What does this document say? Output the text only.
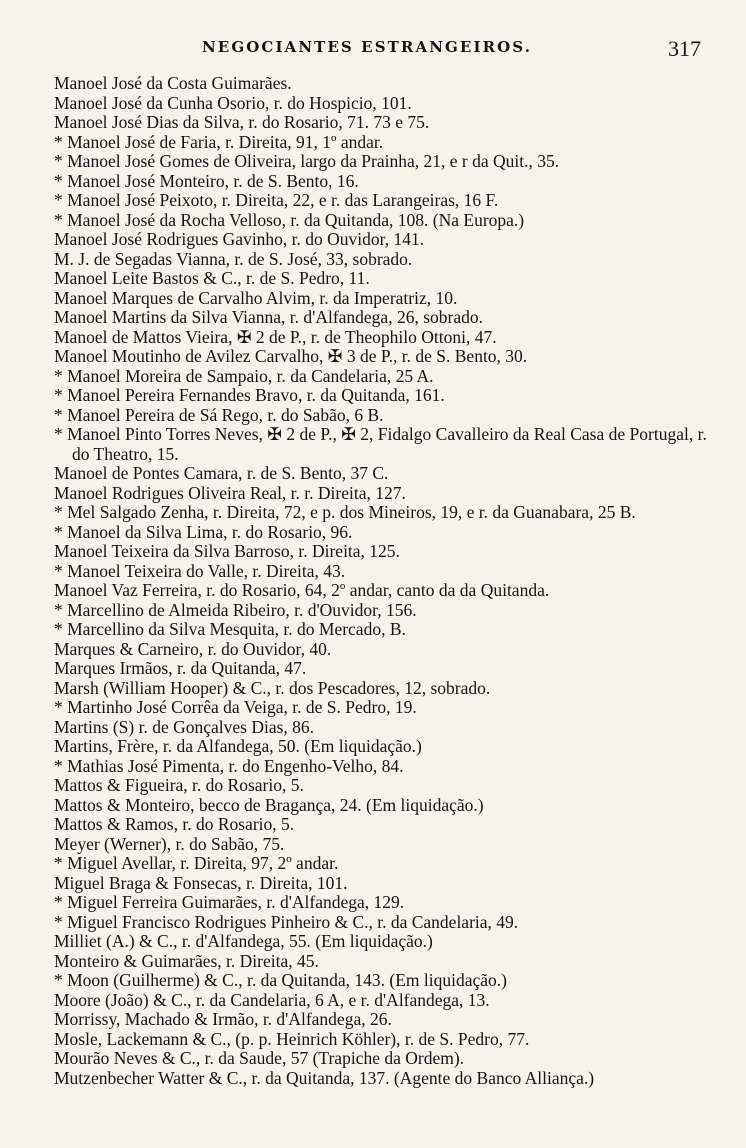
NEGOCIANTES ESTRANGEIROS.	317
Manoel José da Costa Guimarães.
Manoel José da Cunha Osorio, r. do Hospicio, 101.
Manoel José Dias da Silva, r. do Rosario, 71. 73 e 75.
* Manoel José de Faria, r. Direita, 91, 1º andar.
* Manoel José Gomes de Oliveira, largo da Prainha, 21, e r da Quit., 35.
* Manoel José Monteiro, r. de S. Bento, 16.
* Manoel José Peixoto, r. Direita, 22, e r. das Larangeiras, 16 F.
* Manoel José da Rocha Velloso, r. da Quitanda, 108. (Na Europa.)
Manoel José Rodrigues Gavinho, r. do Ouvidor, 141.
M. J. de Segadas Vianna, r. de S. José, 33, sobrado.
Manoel Leite Bastos & C., r. de S. Pedro, 11.
Manoel Marques de Carvalho Alvim, r. da Imperatriz, 10.
Manoel Martins da Silva Vianna, r. d'Alfandega, 26, sobrado.
Manoel de Mattos Vieira, ✠ 2 de P., r. de Theophilo Ottoni, 47.
Manoel Moutinho de Avilez Carvalho, ✠ 3 de P., r. de S. Bento, 30.
* Manoel Moreira de Sampaio, r. da Candelaria, 25 A.
* Manoel Pereira Fernandes Bravo, r. da Quitanda, 161.
* Manoel Pereira de Sá Rego, r. do Sabão, 6 B.
* Manoel Pinto Torres Neves, ✠ 2 de P., ✠ 2, Fidalgo Cavalleiro da Real Casa de Portugal, r. do Theatro, 15.
Manoel de Pontes Camara, r. de S. Bento, 37 C.
Manoel Rodrigues Oliveira Real, r. r. Direita, 127.
* Mel Salgado Zenha, r. Direita, 72, e p. dos Mineiros, 19, e r. da Guanabara, 25 B.
* Manoel da Silva Lima, r. do Rosario, 96.
Manoel Teixeira da Silva Barroso, r. Direita, 125.
* Manoel Teixeira do Valle, r. Direita, 43.
Manoel Vaz Ferreira, r. do Rosario, 64, 2º andar, canto da da Quitanda.
* Marcellino de Almeida Ribeiro, r. d'Ouvidor, 156.
* Marcellino da Silva Mesquita, r. do Mercado, B.
Marques & Carneiro, r. do Ouvidor, 40.
Marques Irmãos, r. da Quitanda, 47.
Marsh (William Hooper) & C., r. dos Pescadores, 12, sobrado.
* Martinho José Corrêa da Veiga, r. de S. Pedro, 19.
Martins (S) r. de Gonçalves Dias, 86.
Martins, Frère, r. da Alfandega, 50. (Em liquidação.)
* Mathias José Pimenta, r. do Engenho-Velho, 84.
Mattos & Figueira, r. do Rosario, 5.
Mattos & Monteiro, becco de Bragança, 24. (Em liquidação.)
Mattos & Ramos, r. do Rosario, 5.
Meyer (Werner), r. do Sabão, 75.
* Miguel Avellar, r. Direita, 97, 2º andar.
Miguel Braga & Fonsecas, r. Direita, 101.
* Miguel Ferreira Guimarães, r. d'Alfandega, 129.
* Miguel Francisco Rodrigues Pinheiro & C., r. da Candelaria, 49.
Milliet (A.) & C., r. d'Alfandega, 55. (Em liquidação.)
Monteiro & Guimarães, r. Direita, 45.
* Moon (Guilherme) & C., r. da Quitanda, 143. (Em liquidação.)
Moore (João) & C., r. da Candelaria, 6 A, e r. d'Alfandega, 13.
Morrissy, Machado & Irmão, r. d'Alfandega, 26.
Mosle, Lackemann & C., (p. p. Heinrich Köhler), r. de S. Pedro, 77.
Mourão Neves & C., r. da Saude, 57 (Trapiche da Ordem).
Mutzenbecher Watter & C., r. da Quitanda, 137. (Agente do Banco Alliança.)
